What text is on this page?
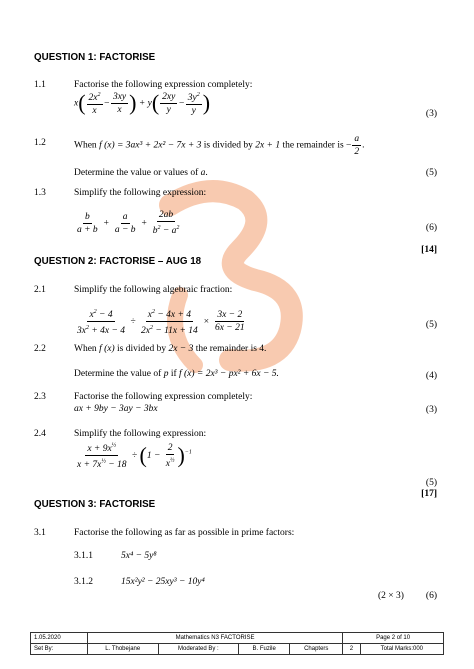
QUESTION 1: FACTORISE
1.1	Factorise the following expression completely:
$x( \frac{2x^2}{x} - \frac{3xy}{x}$ ) + $y( \frac{2xy}{y} - \frac{3y^2}{y}$ )	(3)
1.2	When f (x) = 3ax³ + 2x² − 7x + 3 is divided by 2x + 1 the remainder is − $\frac{a}{2}$ .
Determine the value or values of a.	(5)
1.3	Simplify the following expression:
$\frac{b}{a + b} + \frac{a}{a - b} + \frac{2ab}{b^2 - a^2}$	(6)
[14]
QUESTION 2: FACTORISE – AUG 18
2.1	Simplify the following algebraic fraction:
$\frac{x^2 - 4}{3x^2 + 4x - 4} \div \frac{x^2 - 4x + 4}{2x^2 - 11x + 14} \times \frac{3x - 2}{6x - 21}$	(5)
2.2	When f (x) is divided by 2x − 3 the remainder is 4.
Determine the value of p if f (x) = 2x³ − px² + 6x − 5.	(4)
2.3	Factorise the following expression completely:
ax + 9by − 3ay − 3bx	(3)
2.4	Simplify the following expression:
$\frac{x + 9x^{\frac{1}{2}}}{x + 7x^{\frac{1}{2}} - 18} \div (1 - \frac{2}{x^{\frac{1}{2}}} )^{-1}$
(5)
[17]
QUESTION 3: FACTORISE
3.1	Factorise the following as far as possible in prime factors:
3.1.1	5x⁴ − 5y⁸
3.1.2	15x²y² − 25xy³ − 10y⁴
(2 × 3) (6)
1.05.2020	Mathematics N3 FACTORISE				Page 2 of 10	
Set By:	L. Thobejane	Moderated By :	B. Fuzile	Chapters	2	Total Marks:000
